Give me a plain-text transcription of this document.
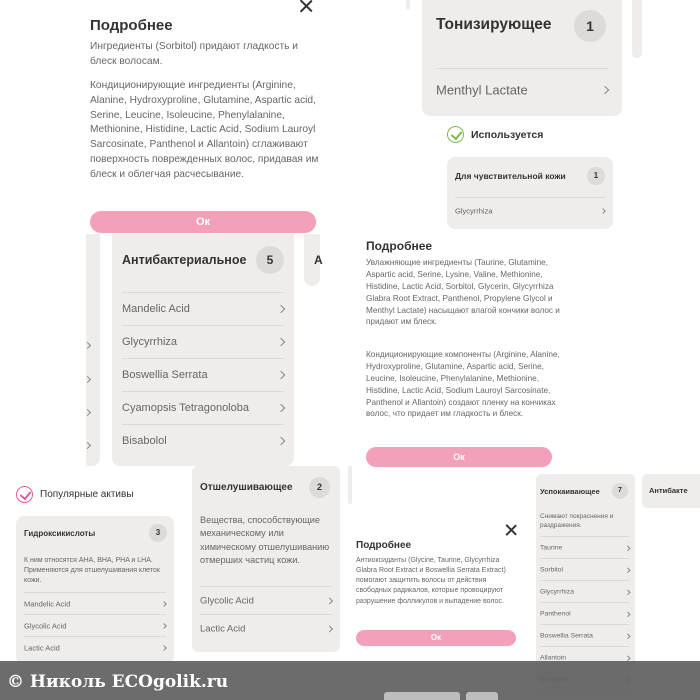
Подробнее

Ингредиенты (Sorbitol) придают гладкость и блеск волосам.

Кондиционирующие ингредиенты (Arginine, Alanine, Hydroxyproline, Glutamine, Aspartic acid, Serine, Leucine, Isoleucine, Phenylalanine, Methionine, Histidine, Lactic Acid, Sodium Lauroyl Sarcosinate, Panthenol и Allantoin) сглаживают поверхность поврежденных волос, придавая им блеск и облегчая расчесывание.

Ок
Тонизирующее	1
Menthyl Lactate
Используется
Для чувствительной кожи	1
Glycyrrhiza
Антибактериальное	5
Mandelic Acid
Glycyrrhiza
Boswellia Serrata
Cyamopsis Tetragonoloba
Bisabolol
А
Подробнее

Увлажняющие ингредиенты (Taurine, Glutamine, Aspartic acid, Serine, Lysine, Valine, Methionine, Histidine, Lactic Acid, Sorbitol, Glycerin, Glycyrrhiza Glabra Root Extract, Panthenol, Propylene Glycol и Menthyl Lactate) насыщают влагой кончики волос и придают им блеск.

Кондиционирующие компоненты (Arginine, Alanine, Hydroxyproline, Glutamine, Aspartic acid, Serine, Leucine, Isoleucine, Phenylalanine, Methionine, Histidine, Lactic Acid, Sodium Lauroyl Sarcosinate, Panthenol и Allantoin) создают пленку на кончиках волос, что придает им гладкость и блеск.

Ок
Популярные активы
Гидроксикислоты	3

К ним относятся AHA, BHA, PHA и LHA. Применяются для отшелушивания клеток кожи.

Mandelic Acid
Glycolic Acid
Lactic Acid
Отшелушивающее	2

Вещества, способствующие механическому или химическому отшелушиванию отмерших частиц кожи.

Glycolic Acid
Lactic Acid
Подробнее

Антиоксиданты (Glycine, Taurine, Glycyrrhiza Glabra Root Extract и Boswellia Serrata Extract) помогают защитить волосы от действия свободных радикалов, которые провоцируют разрушение фолликулов и выпадение волос.

Ок
Успокаивающее	7

Снимают покраснения и раздражения.

Taurine
Sorbitol
Glycyrrhiza
Panthenol
Boswellia Serrata
Allantoin
Антибакте
© Николь ECOgolik.ru
